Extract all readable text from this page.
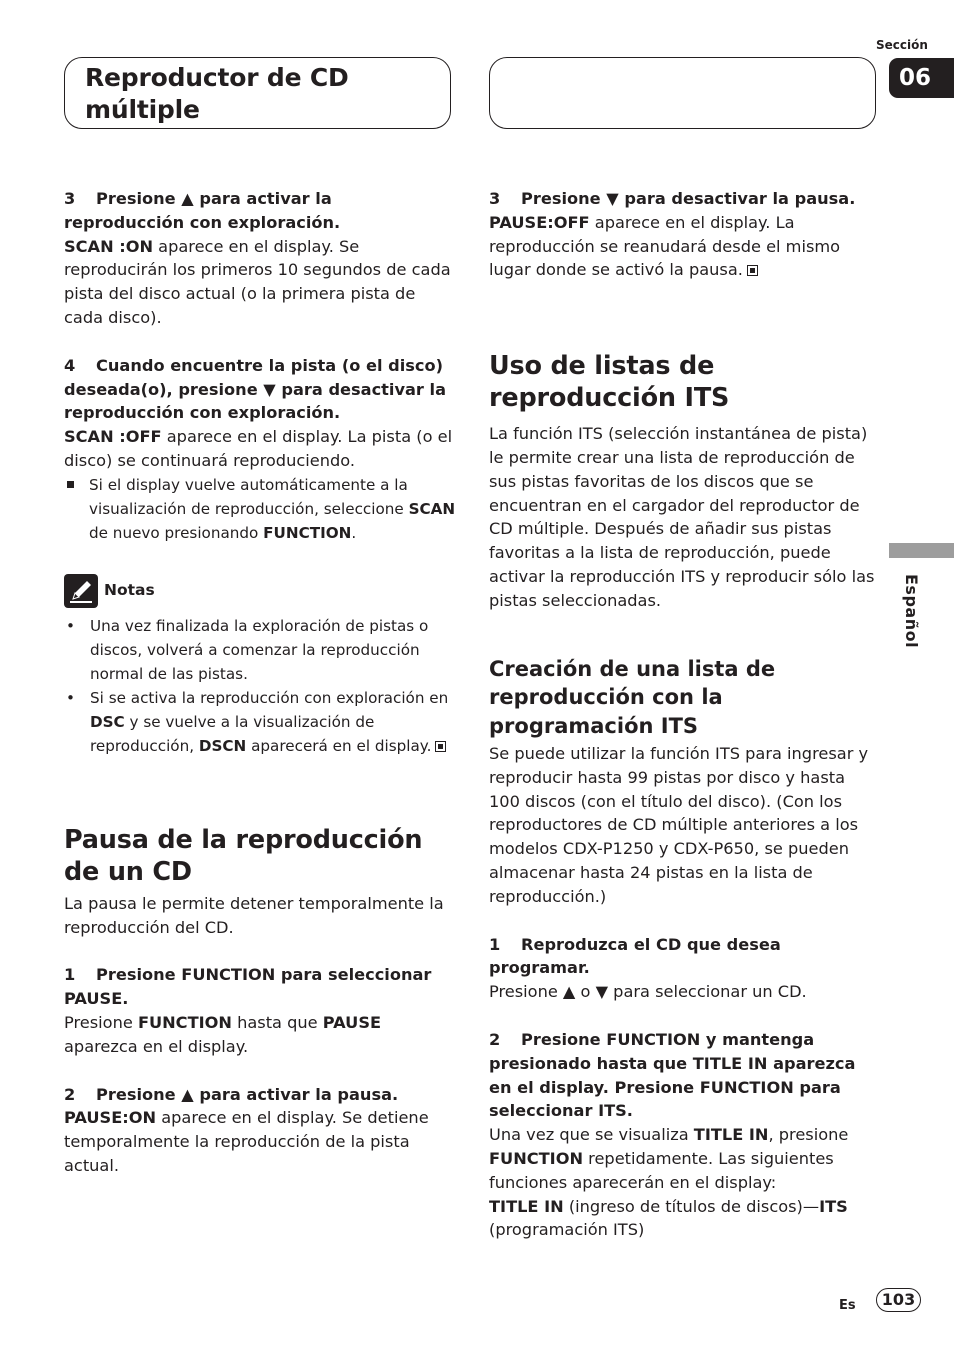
Reproductor de CD

múltiple

Sección
06
Español

3 Presione ▲ para activar la reproducción con exploración.

SCAN :ON aparece en el display. Se reproducirán los primeros 10 segundos de cada pista del disco actual (o la primera pista de cada disco).

4 Cuando encuentre la pista (o el disco) deseada(o), presione ▼ para desactivar la reproducción con exploración.

SCAN :OFF aparece en el display. La pista (o el disco) se continuará reproduciendo.

Si el display vuelve automáticamente a la visualización de reproducción, seleccione SCAN de nuevo presionando FUNCTION.

Notas

• Una vez finalizada la exploración de pistas o discos, volverá a comenzar la reproducción normal de las pistas.

• Si se activa la reproducción con exploración en DSC y se vuelve a la visualización de reproducción, DSCN aparecerá en el display.

Pausa de la reproducción de un CD

La pausa le permite detener temporalmente la reproducción del CD.

1 Presione FUNCTION para seleccionar PAUSE.

Presione FUNCTION hasta que PAUSE aparezca en el display.

2 Presione ▲ para activar la pausa.

PAUSE:ON aparece en el display. Se detiene temporalmente la reproducción de la pista actual.

3 Presione ▼ para desactivar la pausa.

PAUSE:OFF aparece en el display. La reproducción se reanudará desde el mismo lugar donde se activó la pausa.

Uso de listas de reproducción ITS

La función ITS (selección instantánea de pista) le permite crear una lista de reproducción de sus pistas favoritas de los discos que se encuentran en el cargador del reproductor de CD múltiple. Después de añadir sus pistas favoritas a la lista de reproducción, puede activar la reproducción ITS y reproducir sólo las pistas seleccionadas.

Creación de una lista de reproducción con la programación ITS

Se puede utilizar la función ITS para ingresar y reproducir hasta 99 pistas por disco y hasta 100 discos (con el título del disco). (Con los reproductores de CD múltiple anteriores a los modelos CDX-P1250 y CDX-P650, se pueden almacenar hasta 24 pistas en la lista de reproducción.)

1 Reproduzca el CD que desea programar.

Presione ▲ o ▼ para seleccionar un CD.

2 Presione FUNCTION y mantenga presionado hasta que TITLE IN aparezca en el display. Presione FUNCTION para seleccionar ITS.

Una vez que se visualiza TITLE IN, presione FUNCTION repetidamente. Las siguientes funciones aparecerán en el display:

TITLE IN (ingreso de títulos de discos)—ITS (programación ITS)

Es	103
